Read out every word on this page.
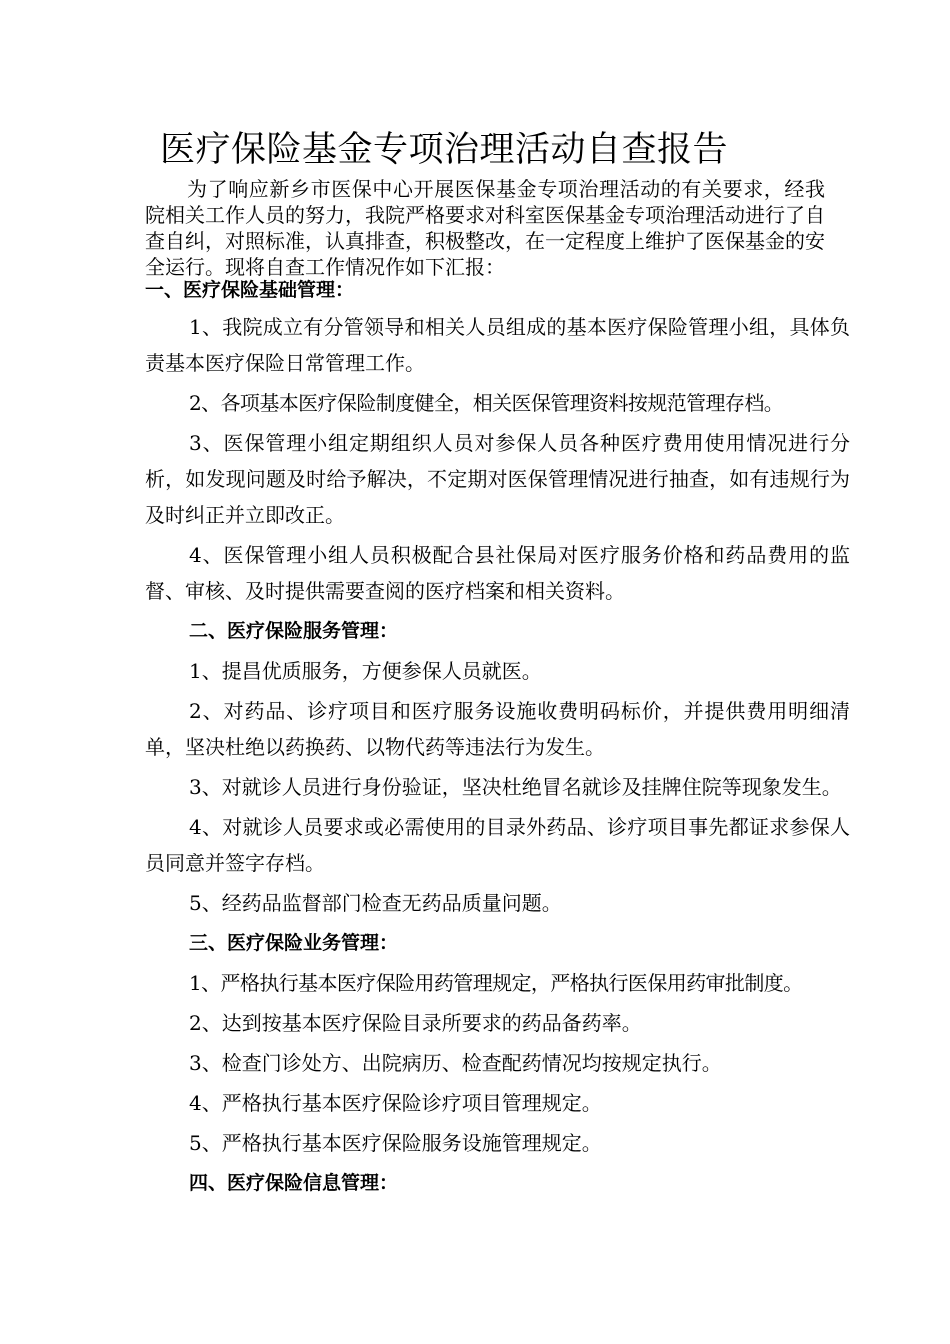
医疗保险基金专项治理活动自查报告

为了响应新乡市医保中心开展医保基金专项治理活动的有关要求，经我院相关工作人员的努力，我院严格要求对科室医保基金专项治理活动进行了自查自纠，对照标准，认真排查，积极整改，在一定程度上维护了医保基金的安全运行。现将自查工作情况作如下汇报：

一、医疗保险基础管理：

1、我院成立有分管领导和相关人员组成的基本医疗保险管理小组，具体负责基本医疗保险日常管理工作。

2、各项基本医疗保险制度健全，相关医保管理资料按规范管理存档。

3、医保管理小组定期组织人员对参保人员各种医疗费用使用情况进行分析，如发现问题及时给予解决，不定期对医保管理情况进行抽查，如有违规行为及时纠正并立即改正。

4、医保管理小组人员积极配合县社保局对医疗服务价格和药品费用的监督、审核、及时提供需要查阅的医疗档案和相关资料。

二、医疗保险服务管理：

1、提昌优质服务，方便参保人员就医。

2、对药品、诊疗项目和医疗服务设施收费明码标价，并提供费用明细清单，坚决杜绝以药换药、以物代药等违法行为发生。

3、对就诊人员进行身份验证，坚决杜绝冒名就诊及挂牌住院等现象发生。

4、对就诊人员要求或必需使用的目录外药品、诊疗项目事先都证求参保人员同意并签字存档。

5、经药品监督部门检查无药品质量问题。

三、医疗保险业务管理：

1、严格执行基本医疗保险用药管理规定，严格执行医保用药审批制度。

2、达到按基本医疗保险目录所要求的药品备药率。

3、检查门诊处方、出院病历、检查配药情况均按规定执行。

4、严格执行基本医疗保险诊疗项目管理规定。

5、严格执行基本医疗保险服务设施管理规定。

四、医疗保险信息管理：
